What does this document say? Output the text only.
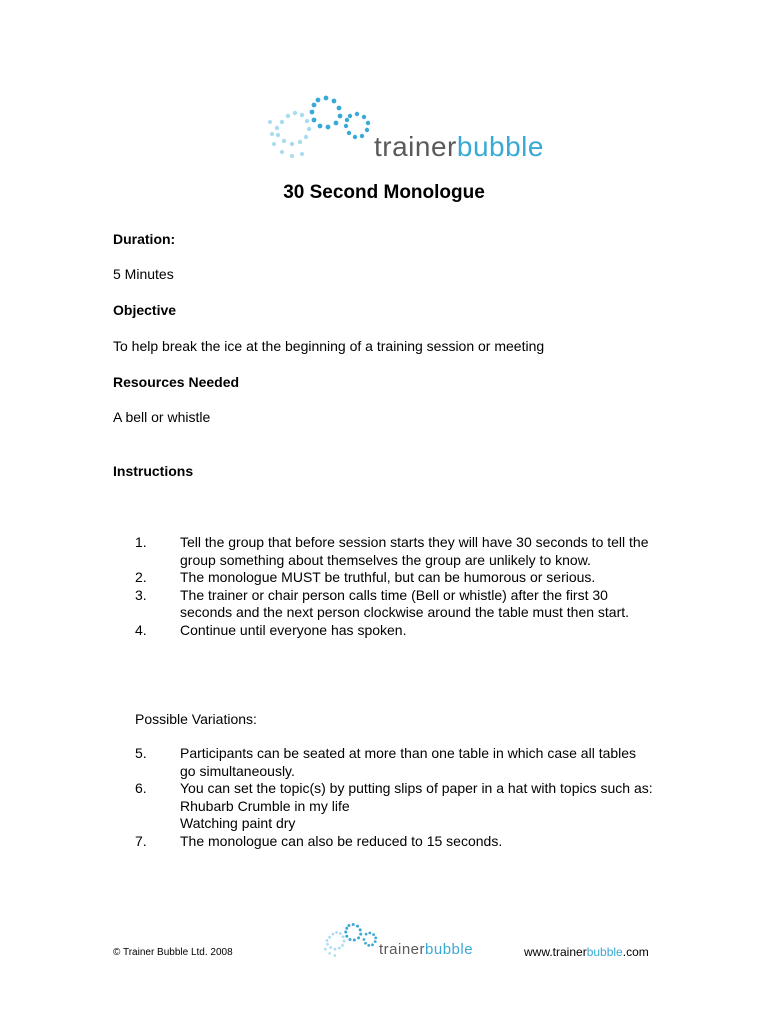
trainerbubble
30 Second Monologue
Duration:
5 Minutes
Objective
To help break the ice at the beginning of a training session or meeting
Resources Needed
A bell or whistle
Instructions
1.	Tell the group that before session starts they will have 30 seconds to tell the group something about themselves the group are unlikely to know.
2.	The monologue MUST be truthful, but can be humorous or serious.
3.	The trainer or chair person calls time (Bell or whistle) after the first 30 seconds and the next person clockwise around the table must then start.
4.	Continue until everyone has spoken.
Possible Variations:
5.	Participants can be seated at more than one table in which case all tables go simultaneously.
6.	You can set the topic(s) by putting slips of paper in a hat with topics such as:
Rhubarb Crumble in my life
Watching paint dry
7.	The monologue can also be reduced to 15 seconds.
© Trainer Bubble Ltd. 2008	trainerbubble	www.trainerbubble.com
